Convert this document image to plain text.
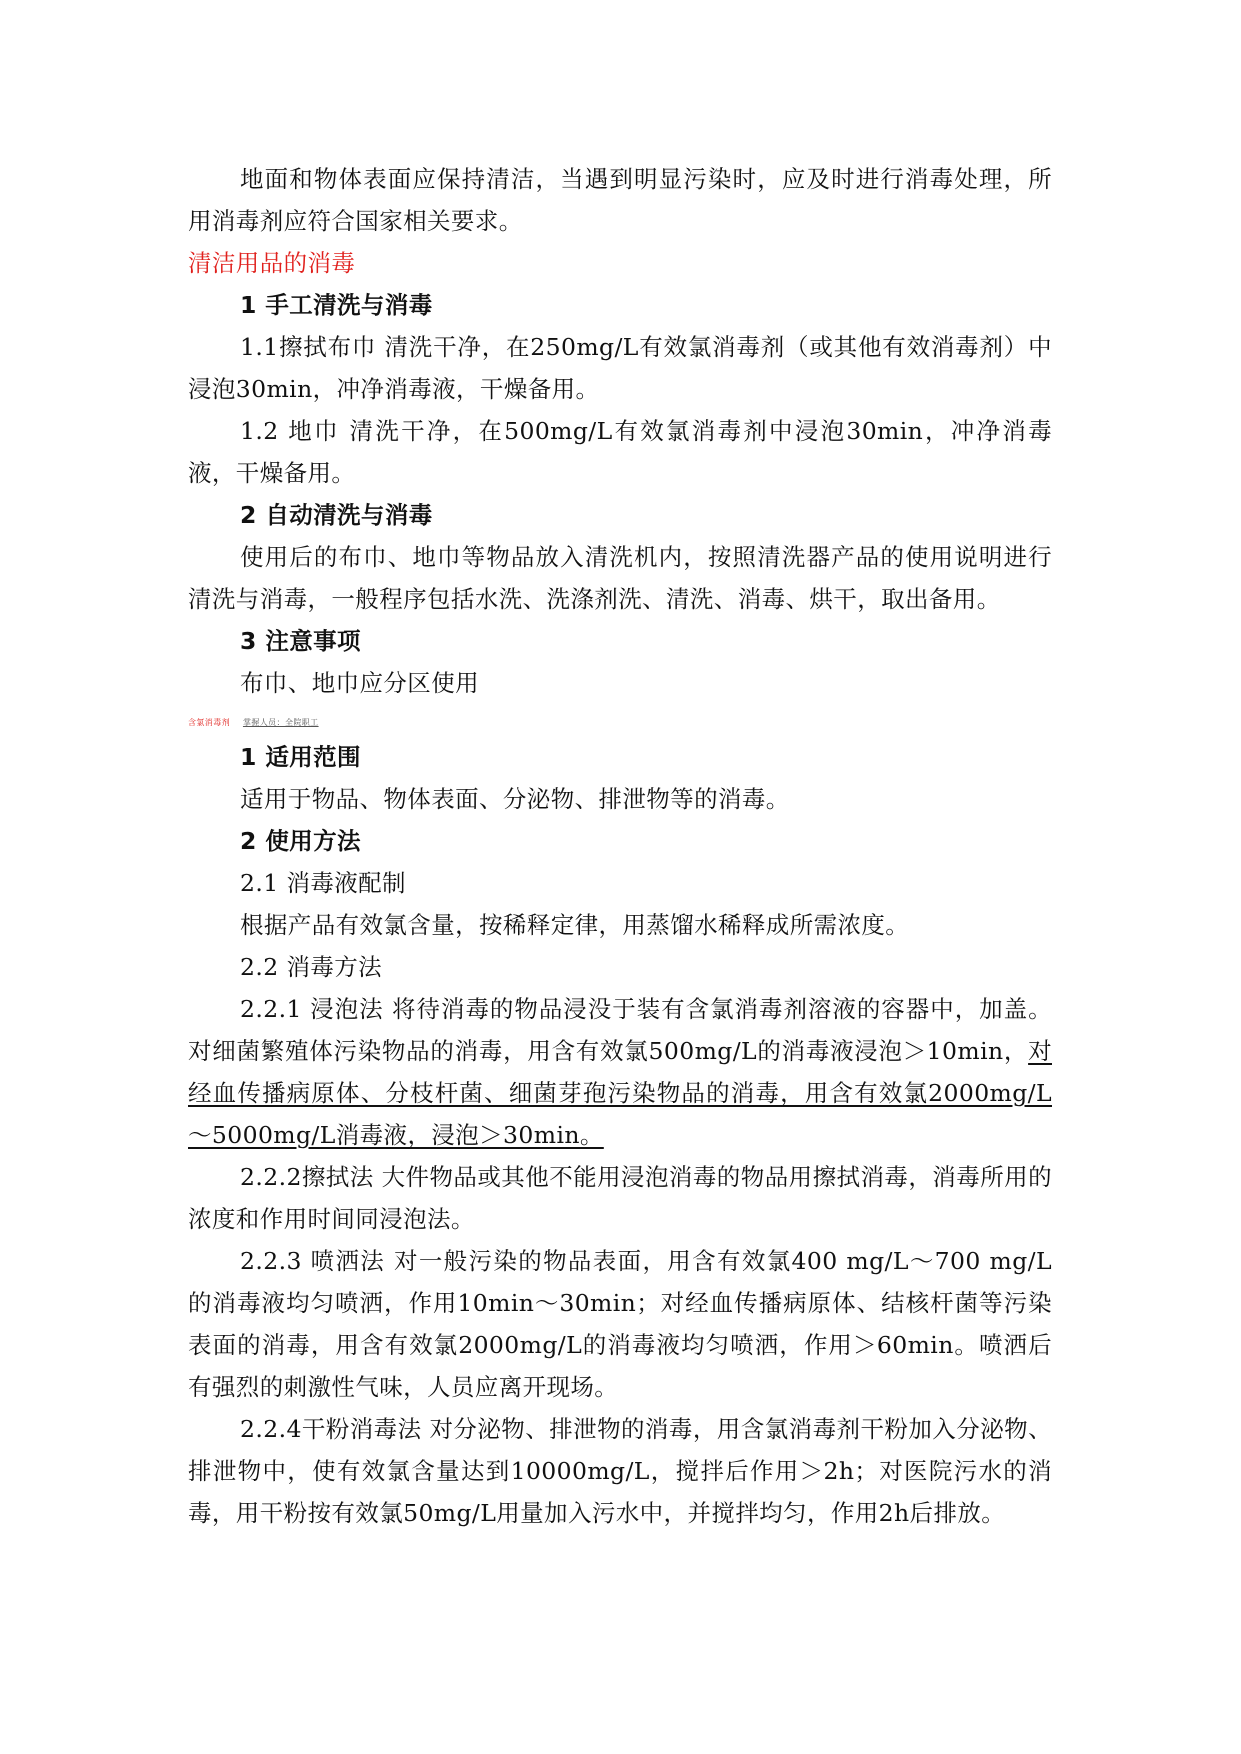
地面和物体表面应保持清洁，当遇到明显污染时，应及时进行消毒处理，所用消毒剂应符合国家相关要求。

清洁用品的消毒

1 手工清洗与消毒

1.1擦拭布巾 清洗干净，在250mg/L有效氯消毒剂（或其他有效消毒剂）中浸泡30min，冲净消毒液，干燥备用。

1.2 地巾 清洗干净，在500mg/L有效氯消毒剂中浸泡30min，冲净消毒液，干燥备用。

2 自动清洗与消毒

使用后的布巾、地巾等物品放入清洗机内，按照清洗器产品的使用说明进行清洗与消毒，一般程序包括水洗、洗涤剂洗、清洗、消毒、烘干，取出备用。

3 注意事项

布巾、地巾应分区使用

含氯消毒剂 掌握人员：全院职工

1 适用范围

适用于物品、物体表面、分泌物、排泄物等的消毒。

2 使用方法

2.1 消毒液配制

根据产品有效氯含量，按稀释定律，用蒸馏水稀释成所需浓度。

2.2 消毒方法

2.2.1 浸泡法 将待消毒的物品浸没于装有含氯消毒剂溶液的容器中，加盖。对细菌繁殖体污染物品的消毒，用含有效氯500mg/L的消毒液浸泡＞10min，对经血传播病原体、分枝杆菌、细菌芽孢污染物品的消毒，用含有效氯2000mg/L～5000mg/L消毒液，浸泡＞30min。

2.2.2擦拭法 大件物品或其他不能用浸泡消毒的物品用擦拭消毒，消毒所用的浓度和作用时间同浸泡法。

2.2.3 喷洒法 对一般污染的物品表面，用含有效氯400 mg/L～700 mg/L的消毒液均匀喷洒，作用10min～30min；对经血传播病原体、结核杆菌等污染表面的消毒，用含有效氯2000mg/L的消毒液均匀喷洒，作用＞60min。喷洒后有强烈的刺激性气味，人员应离开现场。

2.2.4干粉消毒法 对分泌物、排泄物的消毒，用含氯消毒剂干粉加入分泌物、排泄物中，使有效氯含量达到10000mg/L，搅拌后作用＞2h；对医院污水的消毒，用干粉按有效氯50mg/L用量加入污水中，并搅拌均匀，作用2h后排放。
